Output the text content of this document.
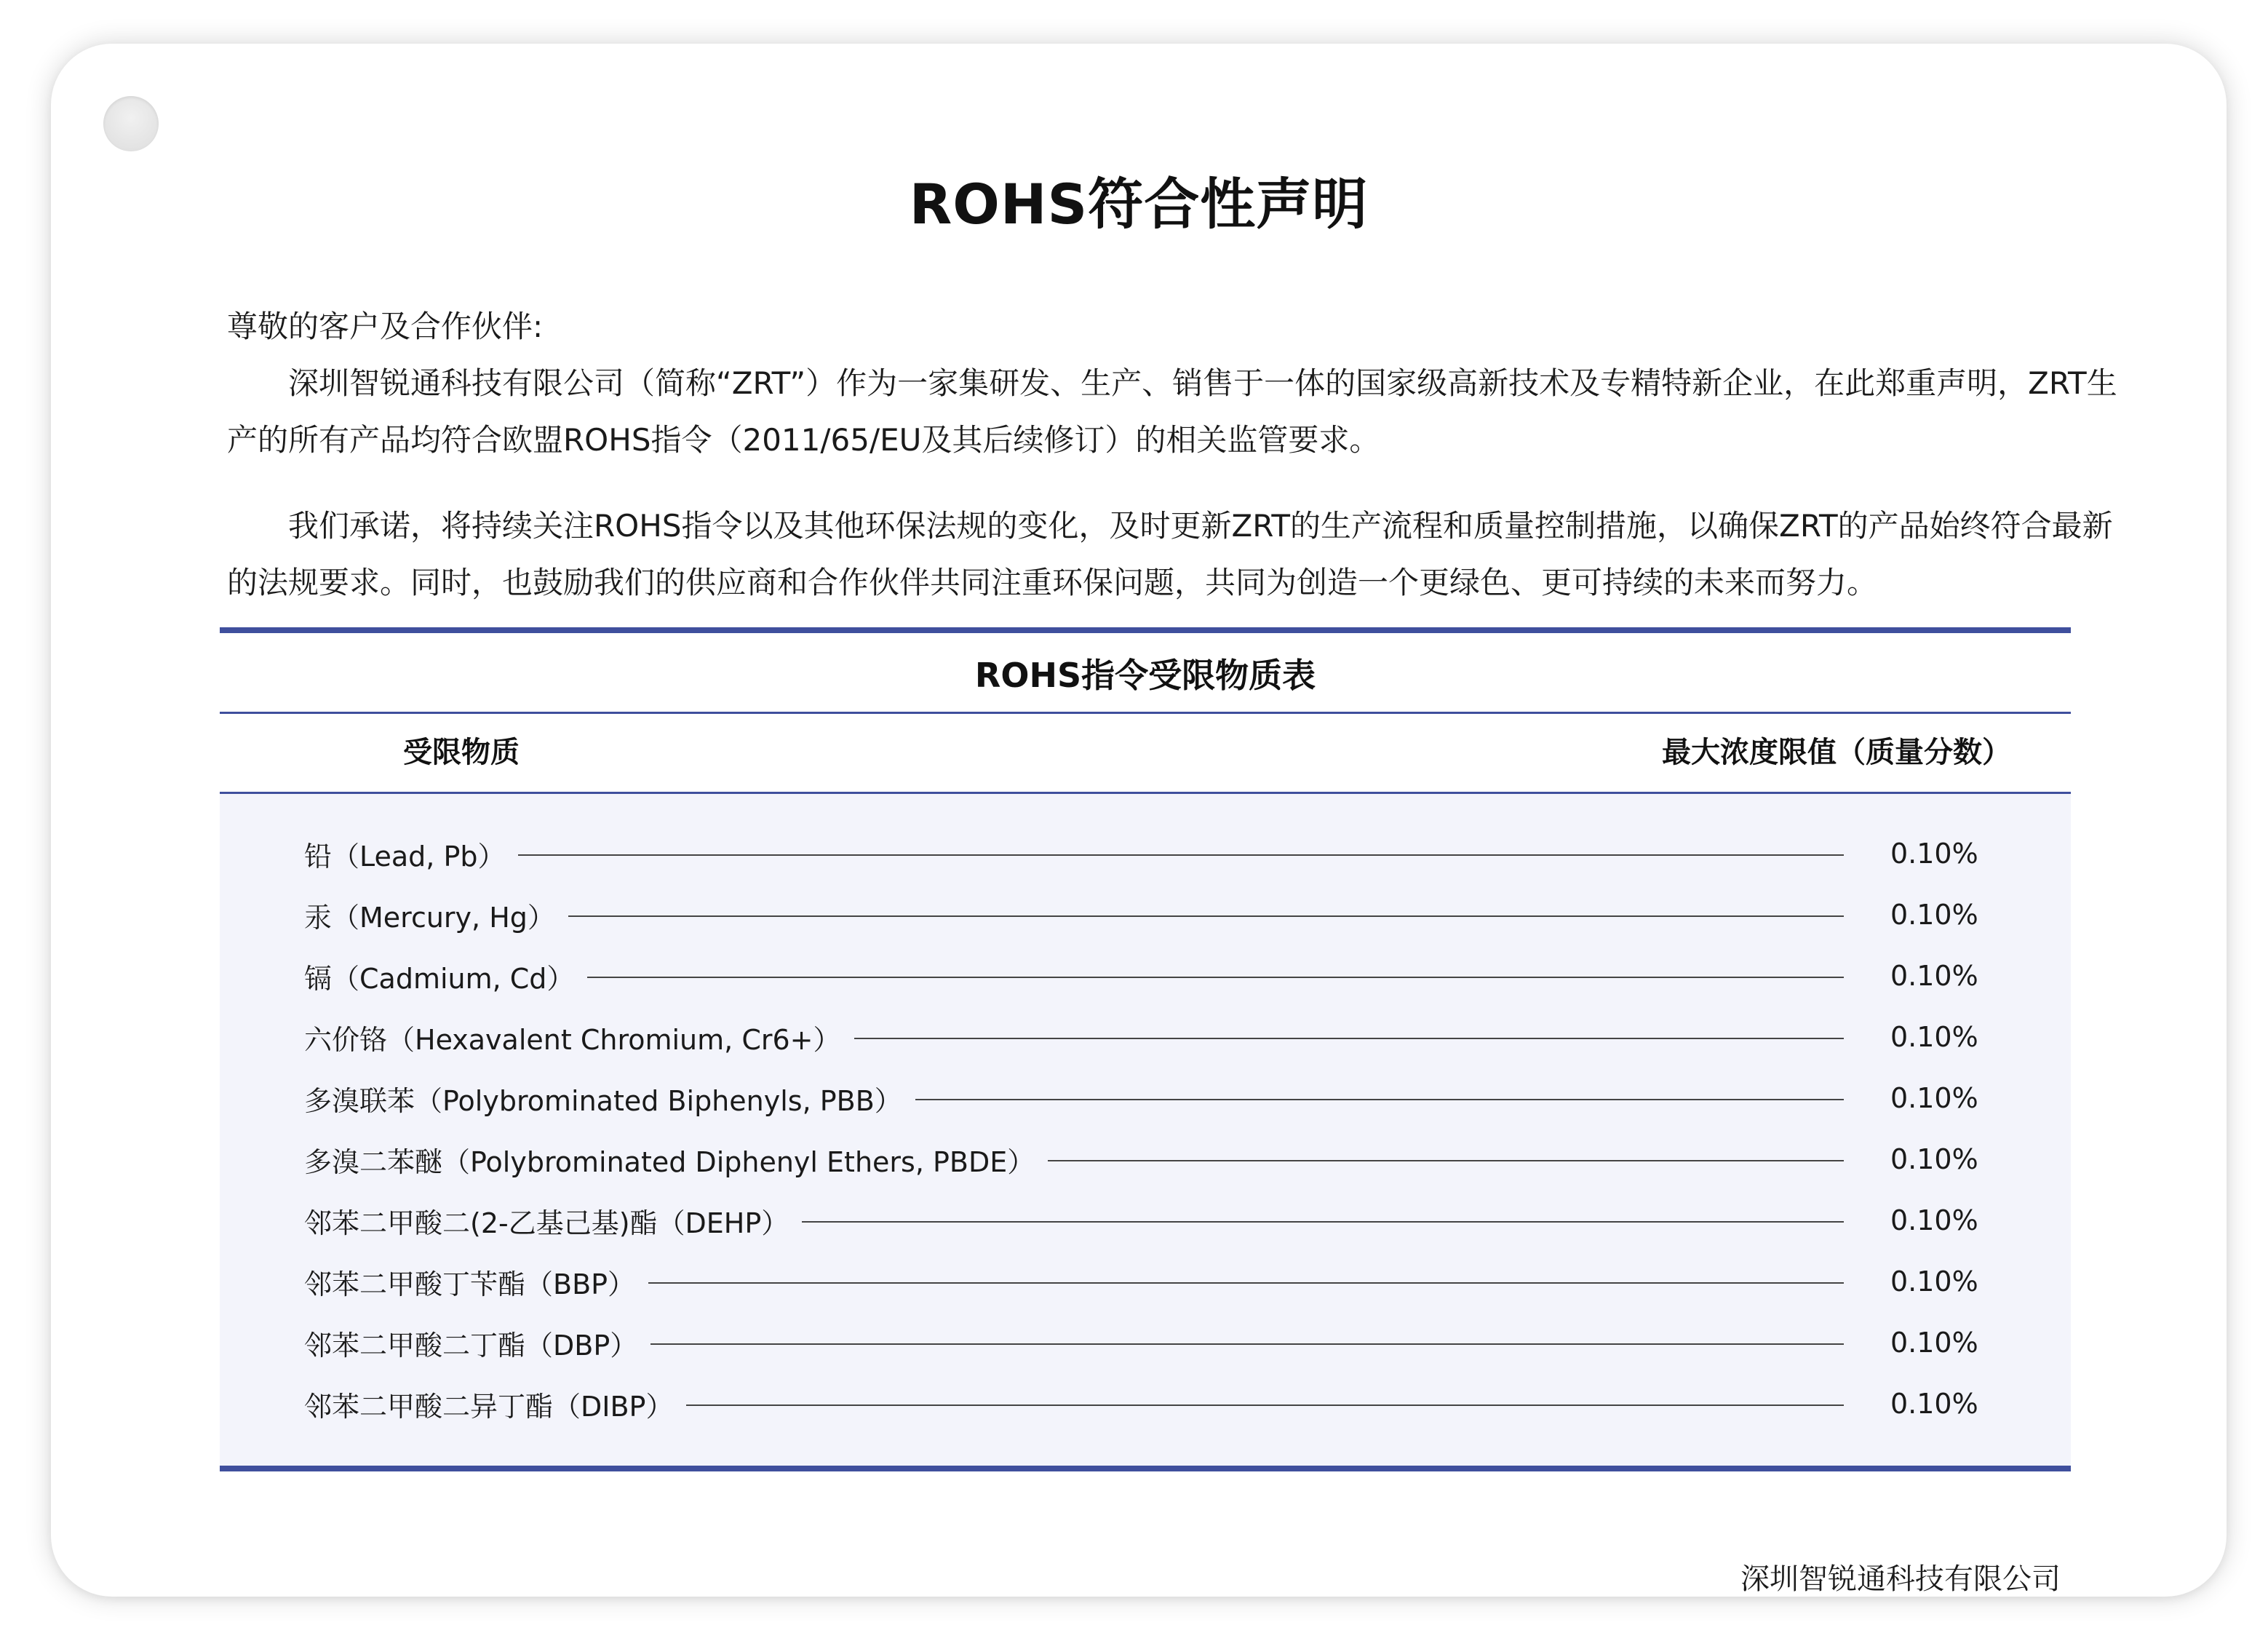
ROHS符合性声明
尊敬的客户及合作伙伴:
深圳智锐通科技有限公司（简称“ZRT”）作为一家集研发、生产、销售于一体的国家级高新技术及专精特新企业，在此郑重声明，ZRT生产的所有产品均符合欧盟ROHS指令（2011/65/EU及其后续修订）的相关监管要求。
我们承诺，将持续关注ROHS指令以及其他环保法规的变化，及时更新ZRT的生产流程和质量控制措施，以确保ZRT的产品始终符合最新的法规要求。同时，也鼓励我们的供应商和合作伙伴共同注重环保问题，共同为创造一个更绿色、更可持续的未来而努力。
ROHS指令受限物质表
受限物质	最大浓度限值（质量分数）
铅（Lead, Pb）	0.10%
汞（Mercury, Hg）	0.10%
镉（Cadmium, Cd）	0.10%
六价铬（Hexavalent Chromium, Cr6+）	0.10%
多溴联苯（Polybrominated Biphenyls, PBB）	0.10%
多溴二苯醚（Polybrominated Diphenyl Ethers, PBDE）	0.10%
邻苯二甲酸二(2-乙基己基)酯（DEHP）	0.10%
邻苯二甲酸丁苄酯（BBP）	0.10%
邻苯二甲酸二丁酯（DBP）	0.10%
邻苯二甲酸二异丁酯（DIBP）	0.10%
深圳智锐通科技有限公司
